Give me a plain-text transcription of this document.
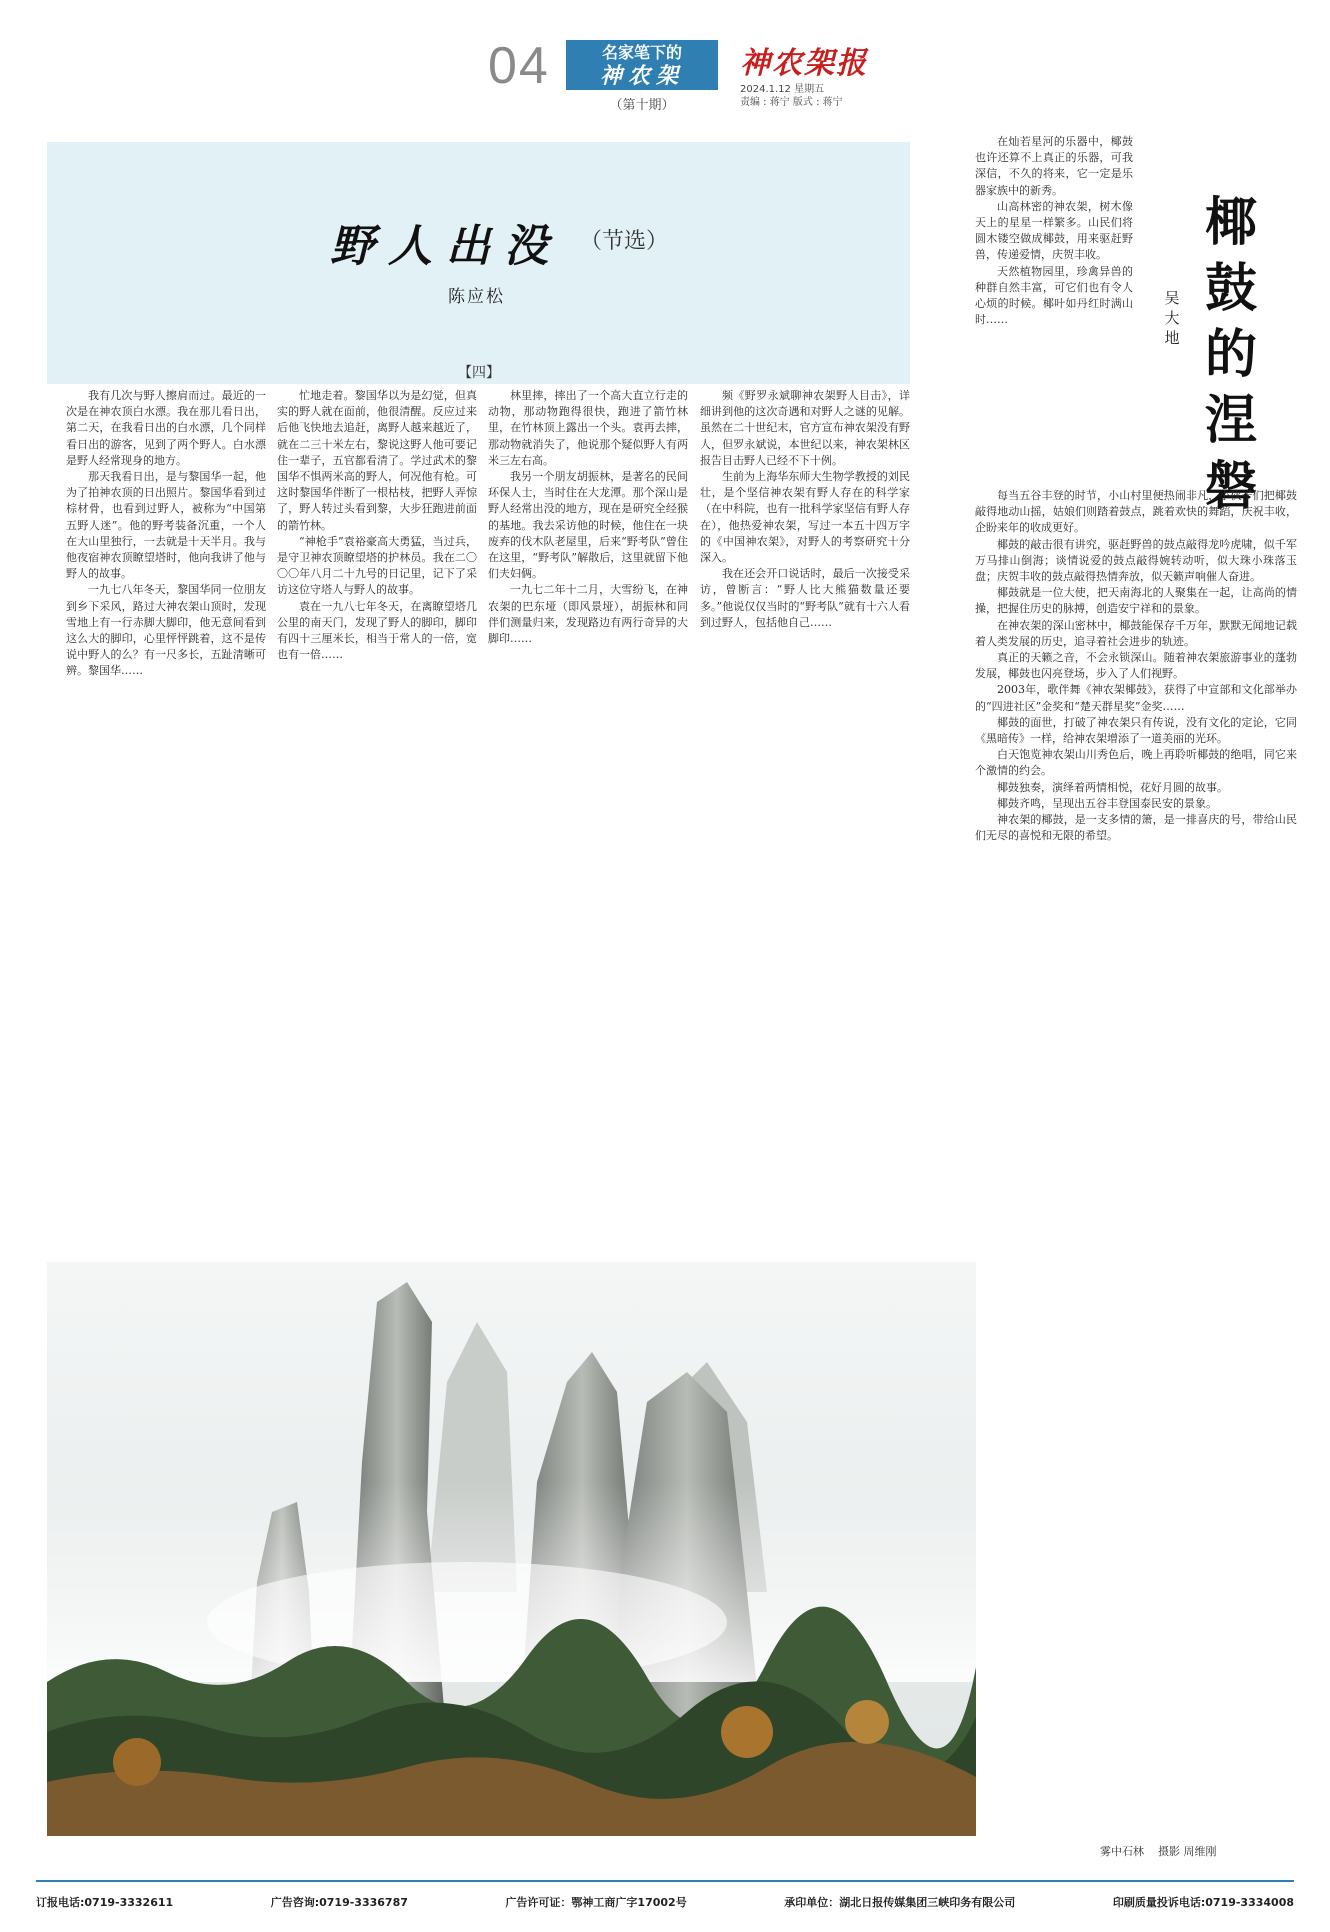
04	名家笔下的
神农架
（第十期）
神农架报
2024.1.12 星期五
责编 : 蒋宁 版式 : 蒋宁
野人出没 （节选）
陈应松
【四】

我有几次与野人擦肩而过。最近的一次是在神农顶白水漂。我在那儿看日出，第二天，在我看日出的白水漂，几个同样看日出的游客，见到了两个野人。白水漂是野人经常现身的地方。

那天我看日出，是与黎国华一起，他为了拍神农顶的日出照片。黎国华看到过棕材骨，也看到过野人，被称为“中国第五野人迷”。他的野考装备沉重，一个人在大山里独行，一去就是十天半月。我与他夜宿神农顶瞭望塔时，他向我讲了他与野人的故事。

一九七八年冬天，黎国华同一位朋友到乡下采风，路过大神农架山顶时，发现雪地上有一行赤脚大脚印，他无意间看到这么大的脚印，心里怦怦跳着，这不是传说中野人的么？有一尺多长，五趾清晰可辨。黎国华……

忙地走着。黎国华以为是幻觉，但真实的野人就在面前，他很清醒。反应过来后他飞快地去追赶，离野人越来越近了，就在二三十米左右，黎说这野人他可要记住一辈子，五官都看清了。学过武术的黎国华不惧两米高的野人，何况他有枪。可这时黎国华伴断了一根枯枝，把野人弄惊了，野人转过头看到黎，大步狂跑进前面的箭竹林。

“神枪手”袁裕豪高大勇猛，当过兵，是守卫神农顶瞭望塔的护林员。我在二〇〇〇年八月二十九号的日记里，记下了采访这位守塔人与野人的故事。

袁在一九八七年冬天，在离瞭望塔几公里的南天门，发现了野人的脚印，脚印有四十三厘米长，相当于常人的一倍，宽也有一倍……

林里摔，摔出了一个高大直立行走的动物，那动物跑得很快，跑进了箭竹林里，在竹林顶上露出一个头。袁再去摔，那动物就消失了，他说那个疑似野人有两米三左右高。

我另一个朋友胡振林，是著名的民间环保人士，当时住在大龙潭。那个深山是野人经常出没的地方，现在是研究全经猴的基地。我去采访他的时候，他住在一块废弃的伐木队老屋里，后来“野考队”曾住在这里，“野考队”解散后，这里就留下他们夫妇俩。

一九七二年十二月，大雪纷飞，在神农架的巴东垭（即风景垭），胡振林和同伴们测量归来，发现路边有两行奇异的大脚印……

频《野罗永斌聊神农架野人目击》，详细讲到他的这次奇遇和对野人之谜的见解。虽然在二十世纪末，官方宣布神农架没有野人，但罗永斌说，本世纪以来，神农架林区报告目击野人已经不下十例。

生前为上海华东师大生物学教授的刘民壮，是个坚信神农架有野人存在的科学家（在中科院，也有一批科学家坚信有野人存在），他热爱神农架，写过一本五十四万字的《中国神农架》，对野人的考察研究十分深入。

我在还会开口说话时，最后一次接受采访，曾断言：“野人比大熊猫数量还要多。”他说仅仅当时的“野考队”就有十六人看到过野人，包括他自己……

椰
鼓
的
涅
磐
吴
大
地

在灿若星河的乐器中，椰鼓也许还算不上真正的乐器，可我深信，不久的将来，它一定是乐器家族中的新秀。

山高林密的神农架，树木像天上的星星一样繁多。山民们将圆木镂空做成椰鼓，用来驱赶野兽，传递爱情，庆贺丰收。

天然植物园里，珍禽异兽的种群自然丰富，可它们也有令人心烦的时候。椰叶如丹红时满山时……

每当五谷丰登的时节，小山村里便热闹非凡，小伙子们把椰鼓敲得地动山摇，姑娘们则踏着鼓点，跳着欢快的舞蹈，庆祝丰收，企盼来年的收成更好。

椰鼓的敲击很有讲究，驱赶野兽的鼓点敲得龙吟虎啸，似千军万马排山倒海；谈情说爱的鼓点敲得婉转动听，似大珠小珠落玉盘；庆贺丰收的鼓点敲得热情奔放，似天籁声响催人奋进。

椰鼓就是一位大使，把天南海北的人聚集在一起，让高尚的情操，把握住历史的脉搏，创造安宁祥和的景象。

在神农架的深山密林中，椰鼓能保存千万年，默默无闻地记载着人类发展的历史，追寻着社会进步的轨迹。

真正的天籁之音，不会永锁深山。随着神农架旅游事业的蓬勃发展，椰鼓也闪亮登场，步入了人们视野。

2003年，歌伴舞《神农架椰鼓》，获得了中宣部和文化部举办的“四进社区”金奖和“楚天群星奖”金奖……

椰鼓的面世，打破了神农架只有传说，没有文化的定论，它同《黑暗传》一样，给神农架增添了一道美丽的光环。

白天饱览神农架山川秀色后，晚上再聆听椰鼓的绝唱，同它来个激情的约会。

椰鼓独奏，演绎着两情相悦，花好月圆的故事。

椰鼓齐鸣，呈现出五谷丰登国泰民安的景象。

神农架的椰鼓，是一支多情的箫，是一排喜庆的号，带给山民们无尽的喜悦和无限的希望。

雾中石林 摄影 周维刚
订报电话:0719-3332611	广告咨询:0719-3336787	广告许可证：鄂神工商广字17002号	承印单位：湖北日报传媒集团三峡印务有限公司	印刷质量投诉电话:0719-3334008
